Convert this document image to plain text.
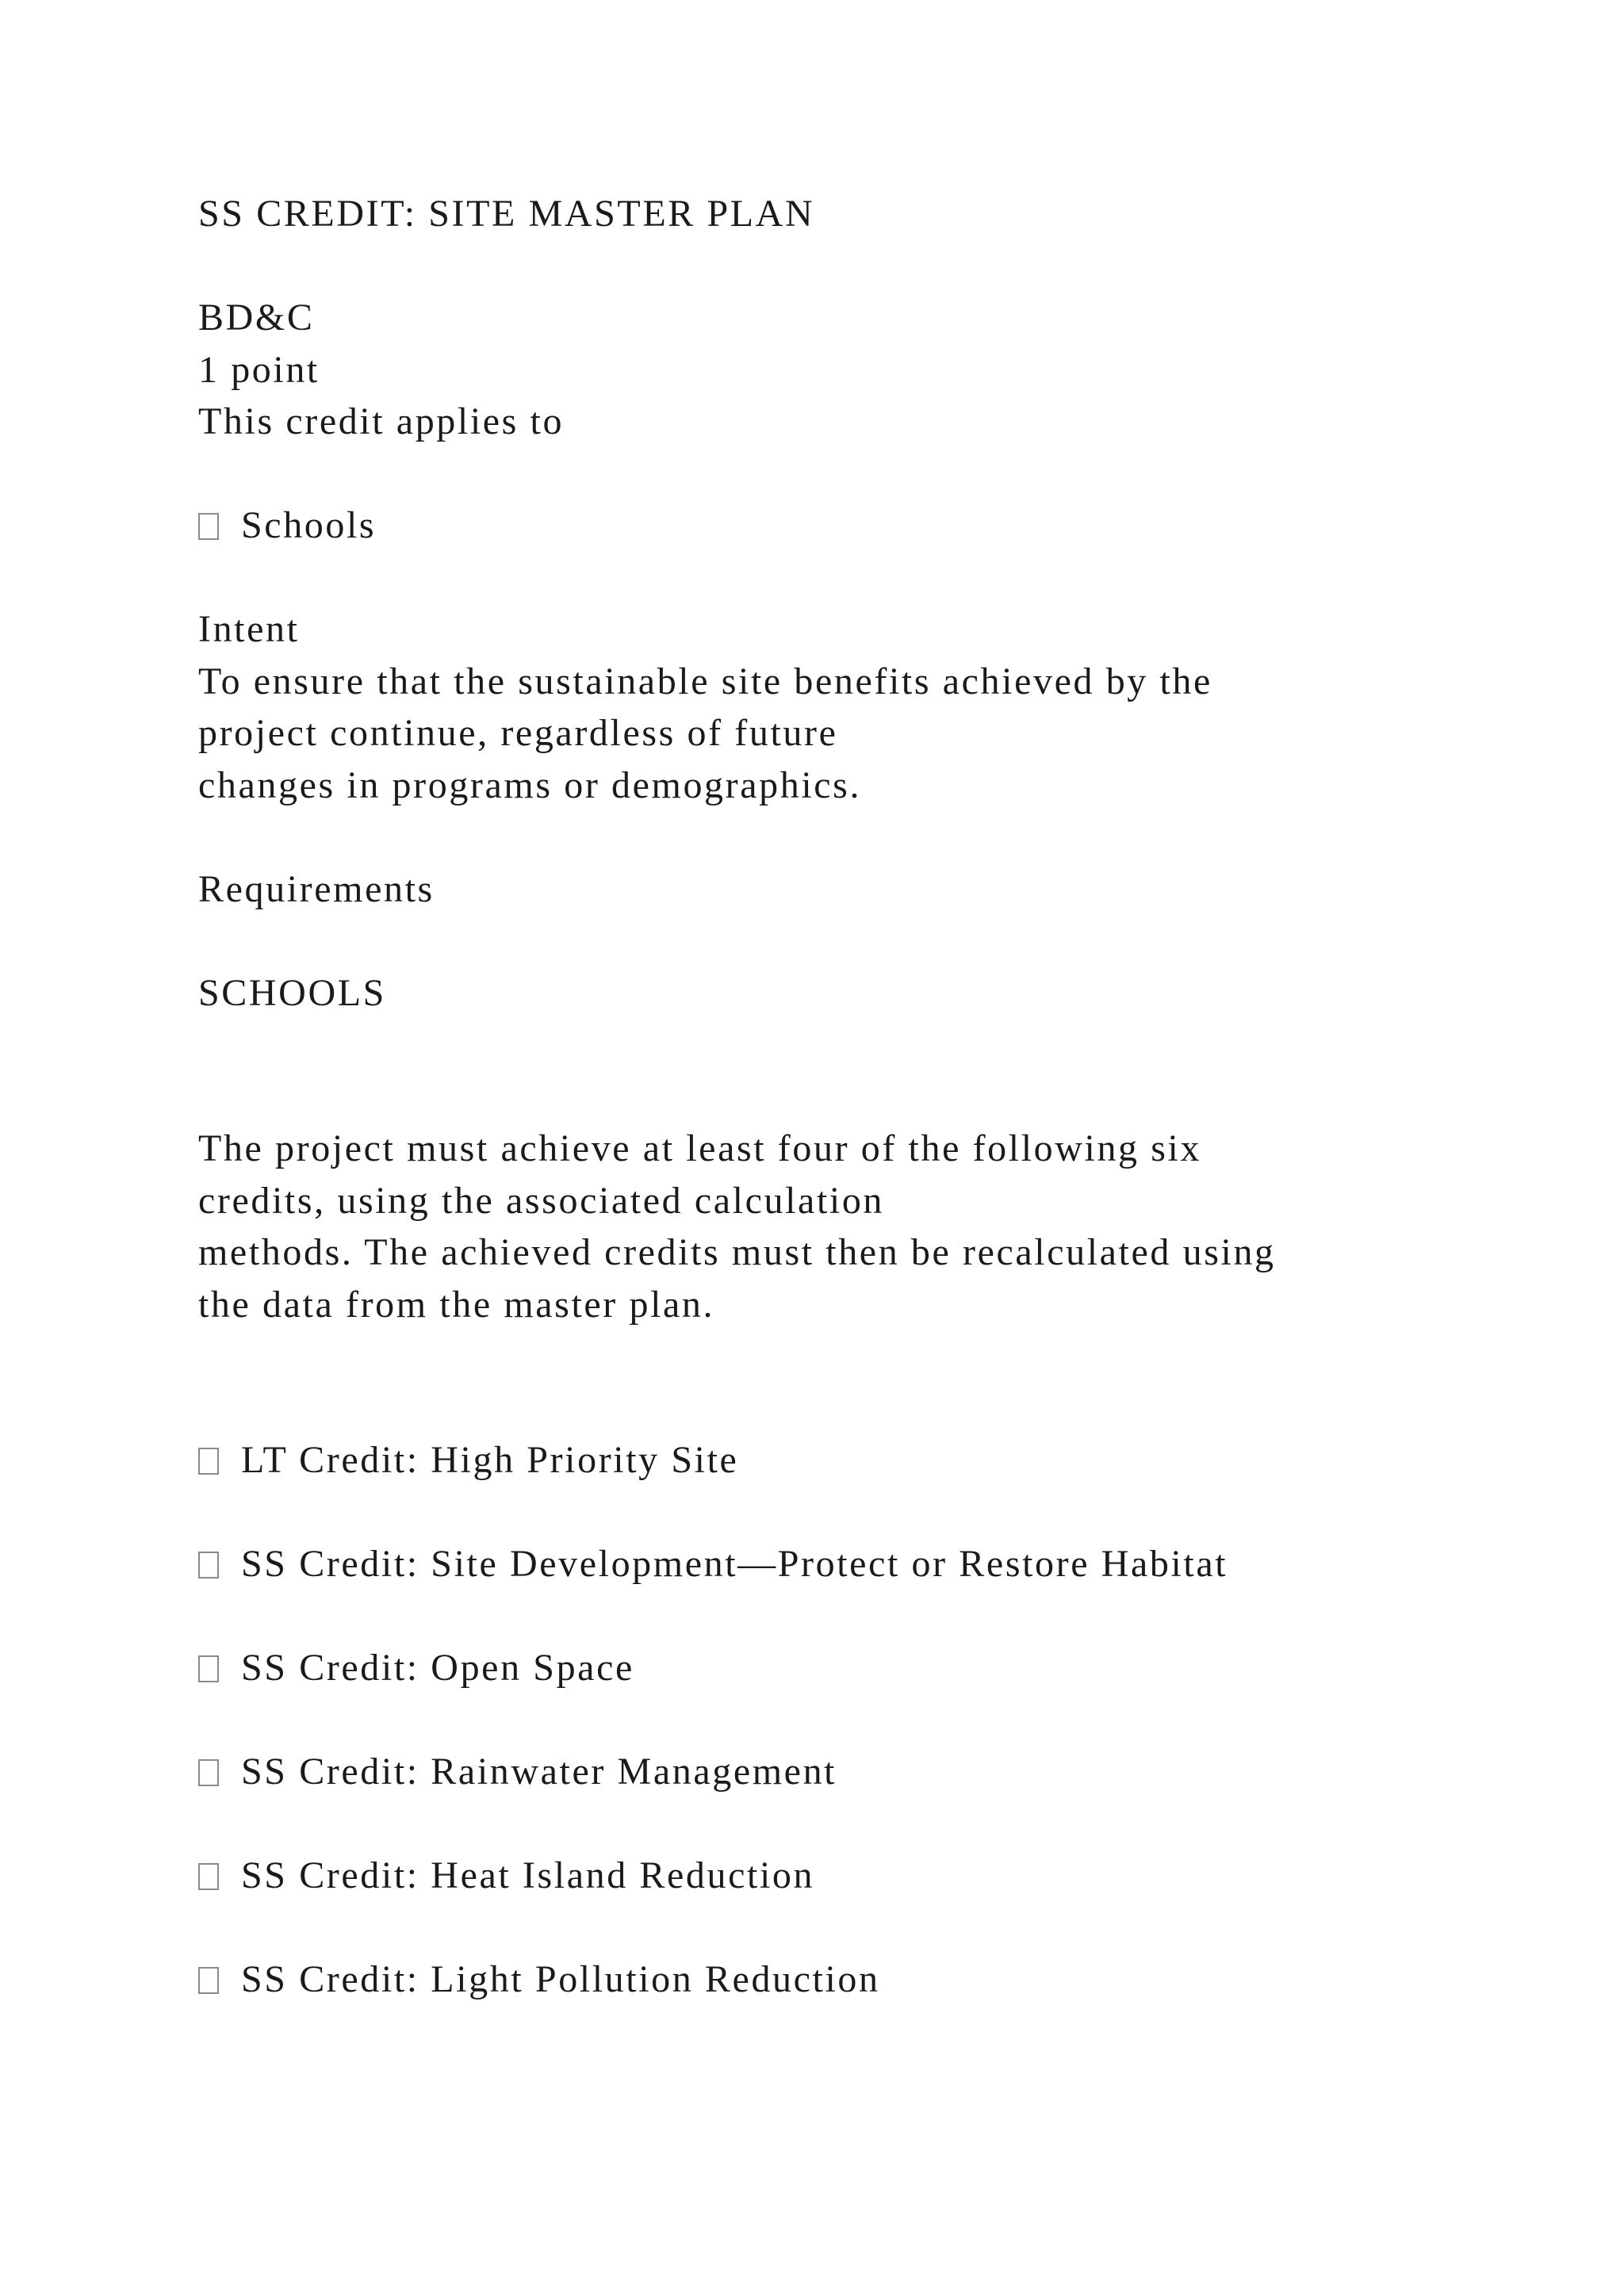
SS CREDIT: SITE MASTER PLAN

BD&C

1 point

This credit applies to

Schools

Intent

To ensure that the sustainable site benefits achieved by the

project continue, regardless of future

changes in programs or demographics.

Requirements

SCHOOLS

The project must achieve at least four of the following six

credits, using the associated calculation

methods. The achieved credits must then be recalculated using

the data from the master plan.

LT Credit: High Priority Site

SS Credit: Site Development—Protect or Restore Habitat

SS Credit: Open Space

SS Credit: Rainwater Management

SS Credit: Heat Island Reduction

SS Credit: Light Pollution Reduction
